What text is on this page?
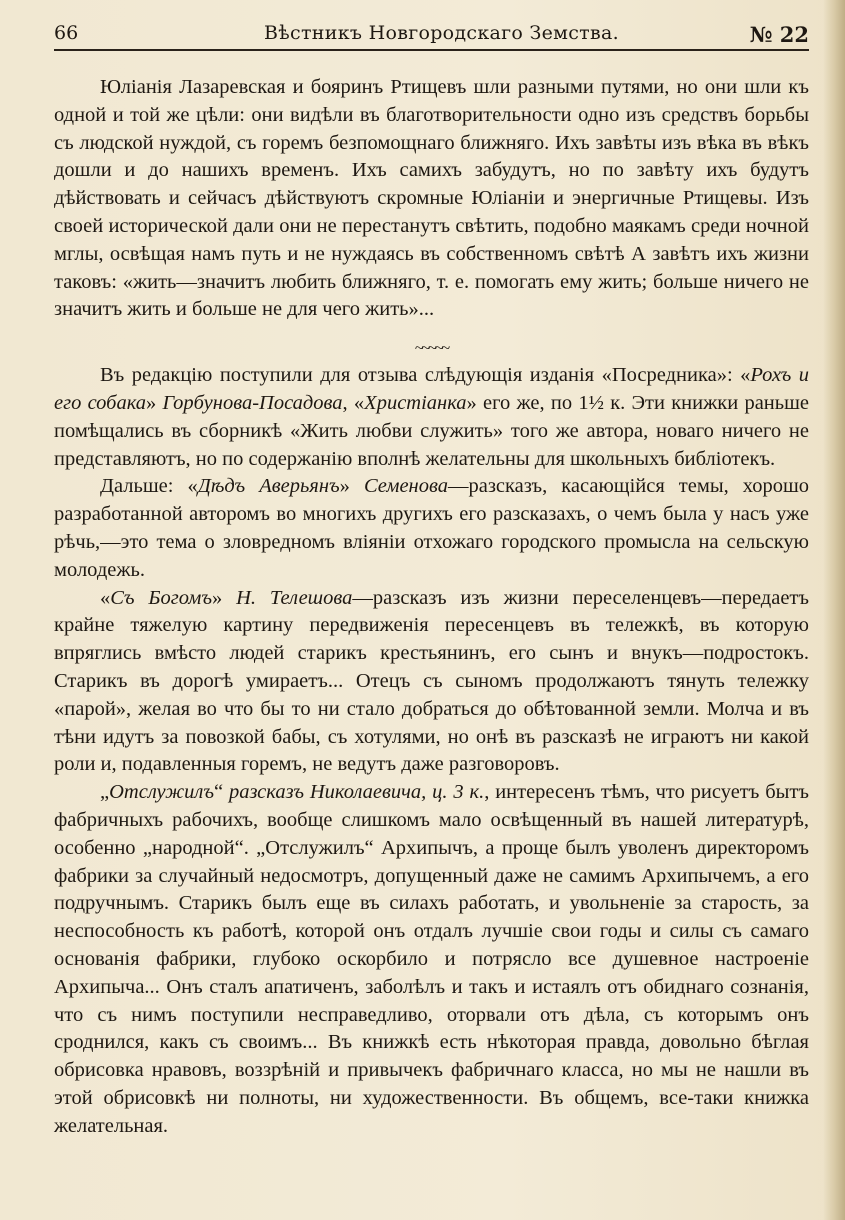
66	Вѣстникъ Новгородскаго Земства.	№ 22

Юліанія Лазаревская и бояринъ Ртищевъ шли разными путями, но они шли къ одной и той же цѣли: они видѣли въ благотворительности одно изъ средствъ борьбы съ людской нуждой, съ горемъ безпомощнаго ближняго. Ихъ завѣты изъ вѣка въ вѣкъ дошли и до нашихъ временъ. Ихъ самихъ забудутъ, но по завѣту ихъ будутъ дѣйствовать и сейчасъ дѣйствуютъ скромные Юліаніи и энергичные Ртищевы. Изъ своей исторической дали они не перестанутъ свѣтить, подобно маякамъ среди ночной мглы, освѣщая намъ путь и не нуждаясь въ собственномъ свѣтѣ А завѣтъ ихъ жизни таковъ: «жить—значитъ любить ближняго, т. е. помогать ему жить; больше ничего не значитъ жить и больше не для чего жить»...

~~~~~

Въ редакцію поступили для отзыва слѣдующія изданія «Посредника»: «Рохъ и его собака» Горбунова-Посадова, «Христіанка» его же, по 1½ к. Эти книжки раньше помѣщались въ сборникѣ «Жить любви служить» того же автора, новаго ничего не представляютъ, но по содержанію вполнѣ желательны для школьныхъ библіотекъ.

Дальше: «Дѣдъ Аверьянъ» Семенова—разсказъ, касающійся темы, хорошо разработанной авторомъ во многихъ другихъ его разсказахъ, о чемъ была у насъ уже рѣчь,—это тема о зловредномъ вліяніи отхожаго городского промысла на сельскую молодежь.

«Съ Богомъ» Н. Телешова—разсказъ изъ жизни переселенцевъ—передаетъ крайне тяжелую картину передвиженія пересенцевъ въ тележкѣ, въ которую впряглись вмѣсто людей старикъ крестьянинъ, его сынъ и внукъ—подростокъ. Старикъ въ дорогѣ умираетъ... Отецъ съ сыномъ продолжаютъ тянуть тележку «парой», желая во что бы то ни стало добраться до обѣтованной земли. Молча и въ тѣни идутъ за повозкой бабы, съ хотулями, но онѣ въ разсказѣ не играютъ ни какой роли и, подавленныя горемъ, не ведутъ даже разговоровъ.

„Отслужилъ“ разсказъ Николаевича, ц. 3 к., интересенъ тѣмъ, что рисуетъ бытъ фабричныхъ рабочихъ, вообще слишкомъ мало освѣщенный въ нашей литературѣ, особенно „народной“. „Отслужилъ“ Архипычъ, а проще былъ уволенъ директоромъ фабрики за случайный недосмотръ, допущенный даже не самимъ Архипычемъ, а его подручнымъ. Старикъ былъ еще въ силахъ работать, и увольненіе за старость, за неспособность къ работѣ, которой онъ отдалъ лучшіе свои годы и силы съ самаго основанія фабрики, глубоко оскорбило и потрясло все душевное настроеніе Архипыча... Онъ сталъ апатиченъ, заболѣлъ и такъ и истаялъ отъ обиднаго сознанія, что съ нимъ поступили несправедливо, оторвали отъ дѣла, съ которымъ онъ сроднился, какъ съ своимъ... Въ книжкѣ есть нѣкоторая правда, довольно бѣглая обрисовка нравовъ, воззрѣній и привычекъ фабричнаго класса, но мы не нашли въ этой обрисовкѣ ни полноты, ни художественности. Въ общемъ, все-таки книжка желательная.
